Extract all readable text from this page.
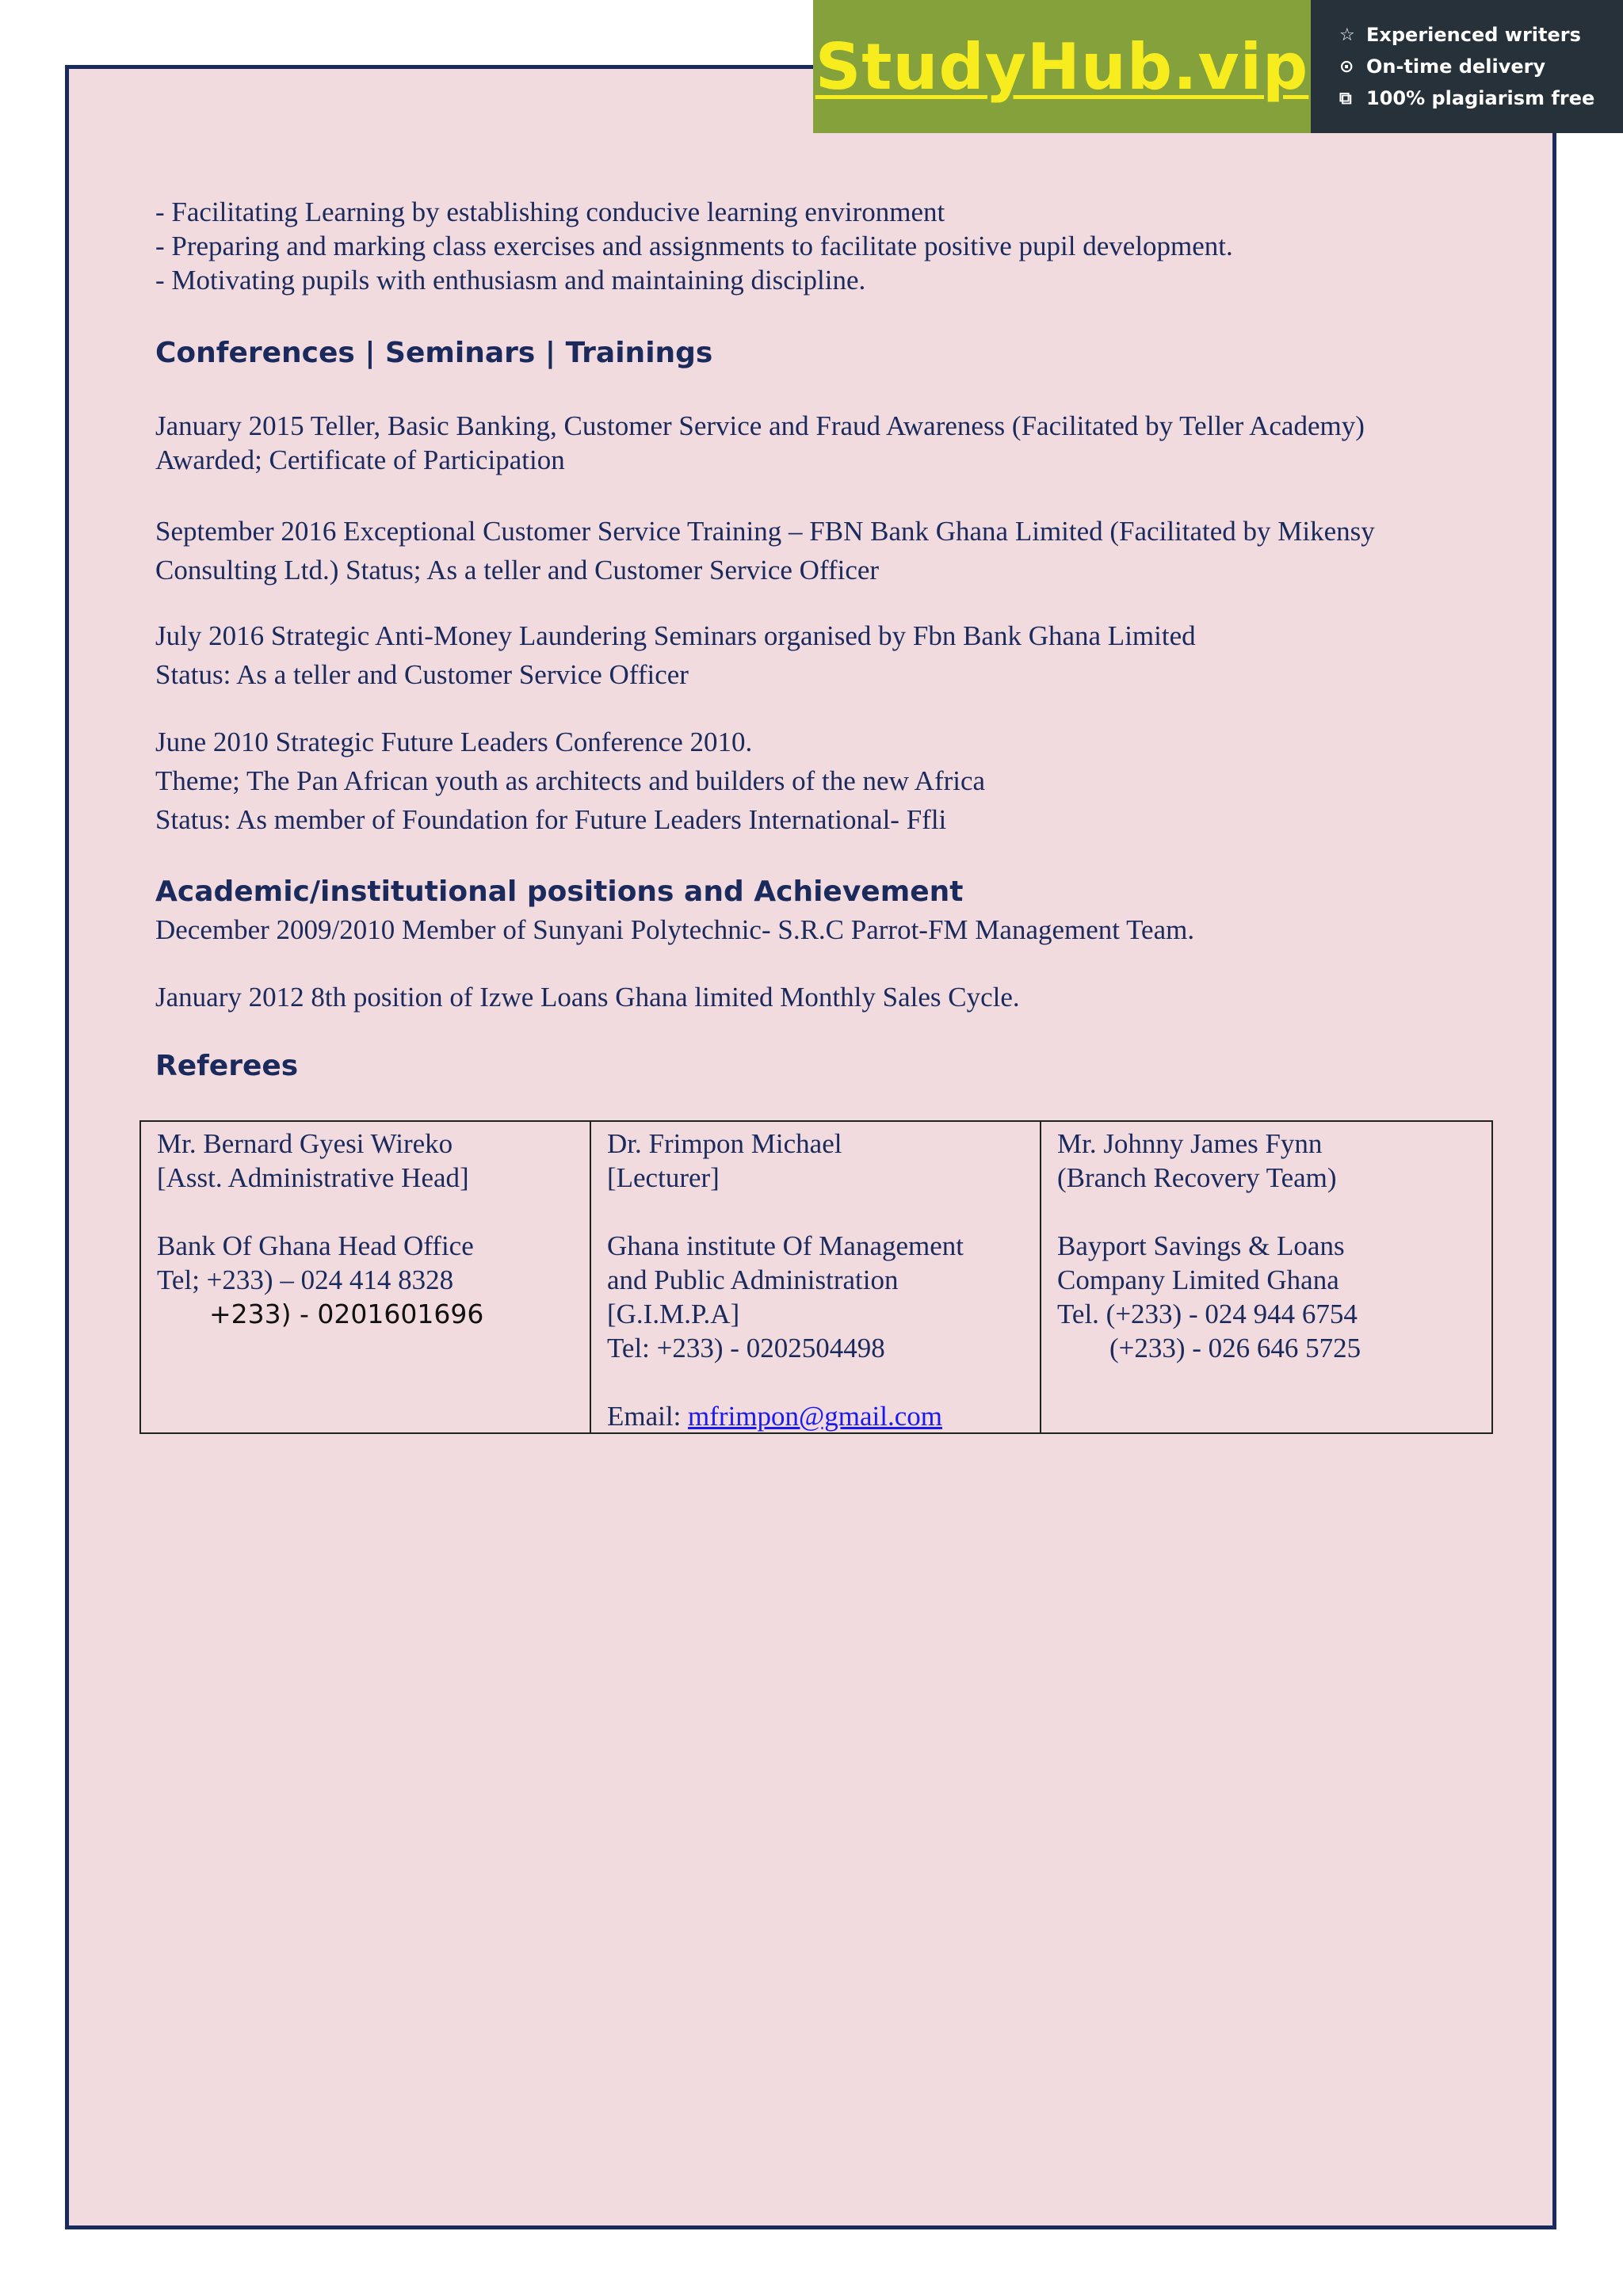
StudyHub.vip ☆ Experienced writers
⊙ On-time delivery
⧉ 100% plagiarism free
- Facilitating Learning by establishing conducive learning environment
- Preparing and marking class exercises and assignments to facilitate positive pupil development.
- Motivating pupils with enthusiasm and maintaining discipline.
Conferences | Seminars | Trainings
January 2015 Teller, Basic Banking, Customer Service and Fraud Awareness (Facilitated by Teller Academy)
Awarded; Certificate of Participation
September 2016 Exceptional Customer Service Training – FBN Bank Ghana Limited (Facilitated by Mikensy
Consulting Ltd.) Status; As a teller and Customer Service Officer
July 2016 Strategic Anti-Money Laundering Seminars organised by Fbn Bank Ghana Limited
Status: As a teller and Customer Service Officer
June 2010 Strategic Future Leaders Conference 2010.
Theme; The Pan African youth as architects and builders of the new Africa
Status: As member of Foundation for Future Leaders International- Ffli
Academic/institutional positions and Achievement
December 2009/2010 Member of Sunyani Polytechnic- S.R.C Parrot-FM Management Team.
January 2012 8th position of Izwe Loans Ghana limited Monthly Sales Cycle.
Referees
Mr. Bernard Gyesi Wireko
[Asst. Administrative Head]
Bank Of Ghana Head Office
Tel; +233) – 024 414 8328
+233) - 0201601696
Dr. Frimpon Michael
[Lecturer]
Ghana institute Of Management
and Public Administration
[G.I.M.P.A]
Tel: +233) - 0202504498
Email: mfrimpon@gmail.com
Mr. Johnny James Fynn
(Branch Recovery Team)
Bayport Savings & Loans
Company Limited Ghana
Tel. (+233) - 024 944 6754
(+233) - 026 646 5725
